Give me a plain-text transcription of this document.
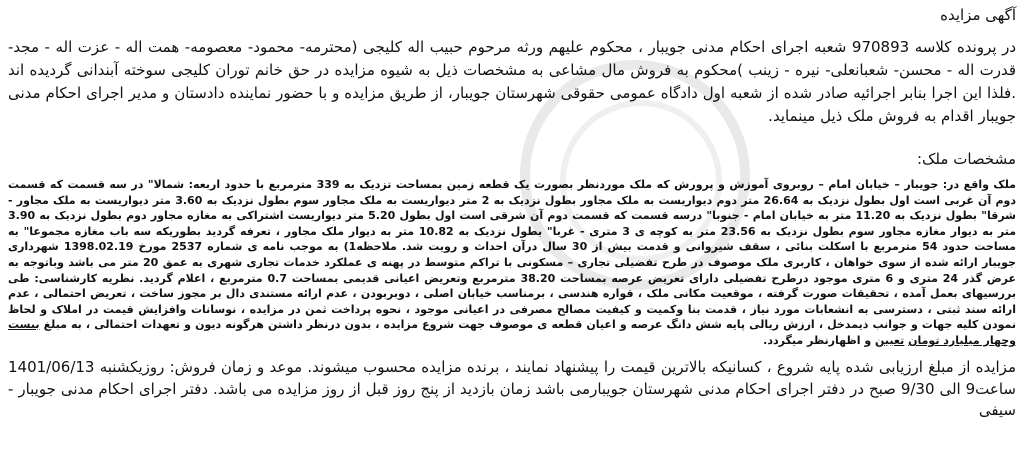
آگهی مزایده
در پرونده کلاسه 970893 شعبه اجرای احکام مدنی جویبار ، محکوم علیهم ورثه مرحوم حبیب اله کلیجی (محترمه- محمود- معصومه- همت اله - عزت اله - مجد- قدرت اله - محسن- شعبانعلی- نیره - زینب )محکوم به فروش مال مشاعی به مشخصات ذیل به شیوه مزایده در حق خانم توران کلیجی سوخته آبندانی گردیده اند .فلذا این اجرا بنابر اجرائیه صادر شده از شعبه اول دادگاه عمومی حقوقی شهرستان جویبار، از طریق مزایده و با حضور نماینده دادستان و مدیر اجرای احکام مدنی جویبار اقدام به فروش ملک ذیل مینماید.
مشخصات ملک:
ملک واقع در: جویبار – خیابان امام – روبروی آموزش و پرورش که ملک موردنظر بصورت یک قطعه زمین بمساحت تزدیک به 339 مترمربع با حدود اربعه: شمالا" در سه قسمت که قسمت دوم آن غربی است اول بطول نزدیک به 26.64 متر دوم دیواریست به ملک مجاور بطول نزدیک به 2 متر دیواریست به ملک مجاور سوم بطول نزدیک به 3.60 متر دیواریست به ملک مجاور - شرقا" بطول نزدیک به 11.20 متر به خیابان امام - جنوبا" درسه قسمت که قسمت دوم آن شرقی است اول بطول 5.20 متر دیواریست اشتراکی به مغازه مجاور دوم بطول نزدیک به 3.90 متر به دیوار مغازه مجاور سوم بطول نزدیک به 23.56 متر به کوچه ی 3 متری - غربا" بطول نزدیک به 10.82 متر به دیوار ملک مجاور ، تعرفه گردید بطوریکه سه باب مغازه مجموعا" به مساحت حدود 54 مترمربع با اسکلت بنائی ، سقف شیروانی و قدمت بیش از 30 سال درآن احداث و رویت شد. ملاحظه1) به موجب نامه ی شماره 2537 مورخ 1398.02.19 شهرداری جویبار ارائه شده از سوی خواهان ، کاربری ملک موصوف در طرح تفضیلی تجاری – مسکونی با تراکم متوسط در پهنه ی عملکرد خدمات تجاری شهری به عمق 20 متر می باشد وباتوجه به عرض گذر 24 متری و 6 متری موجود درطرح تفضیلی دارای تعریض عرصه بمساحت 38.20 مترمربع وتعریض اعیانی قدیمی بمساحت 0.7 مترمربع ، اعلام گردید. نظریه کارشناسی: طی بررسیهای بعمل آمده ، تحقیقات صورت گرفته ، موقعیت مکانی ملک ، قواره هندسی ، برمناسب خیابان اصلی ، دوبربودن ، عدم ارائه مستندی دال بر مجوز ساخت ، تعریض احتمالی ، عدم ارائه سند ثبتی ، دسترسی به انشعابات مورد نیاز ، قدمت بنا وکمیت و کیفیت مصالح مصرفی در اعیانی موجود ، نحوه پرداخت ثمن در مزایده ، نوسانات وافزایش قیمت در املاک و لحاظ نمودن کلیه جهات و جوانب ذیمدخل ، ارزش ریالی پایه شش دانگ عرصه و اعیان قطعه ی موصوف جهت شروع مزایده ، بدون درنظر داشتن هرگونه دیون و تعهدات احتمالی ، به مبلغ بیست وچهار میلیارد تومان تعیین و اظهارنظر میگردد.
مزایده از مبلغ ارزیابی شده پایه شروع ، کسانیکه بالاترین قیمت را پیشنهاد نمایند ، برنده مزایده محسوب میشوند. موعد و زمان فروش: روزیکشنبه 1401/06/13 ساعت9 الی 9/30 صبح در دفتر اجرای احکام مدنی شهرستان جویبارمی باشد زمان بازدید از پنج روز قبل از روز مزایده می باشد. دفتر اجرای احکام مدنی جویبار - سیفی
